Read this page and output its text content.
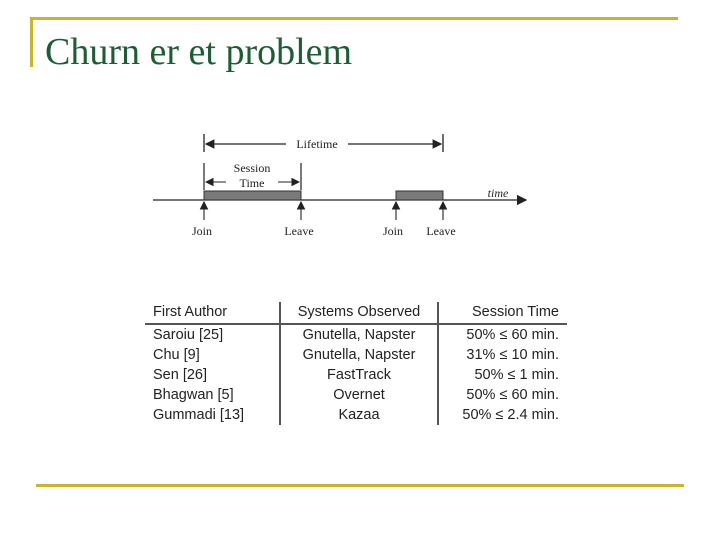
Churn er et problem
Lifetime
Session
Time
time
Join	Leave	Join Leave
First Author	Systems Observed	Session Time
Saroiu [25]	Gnutella, Napster	50% ≤ 60 min.
Chu [9]	Gnutella, Napster	31% ≤ 10 min.
Sen [26]	FastTrack	50% ≤ 1 min.
Bhagwan [5]	Overnet	50% ≤ 60 min.
Gummadi [13]	Kazaa	50% ≤ 2.4 min.
